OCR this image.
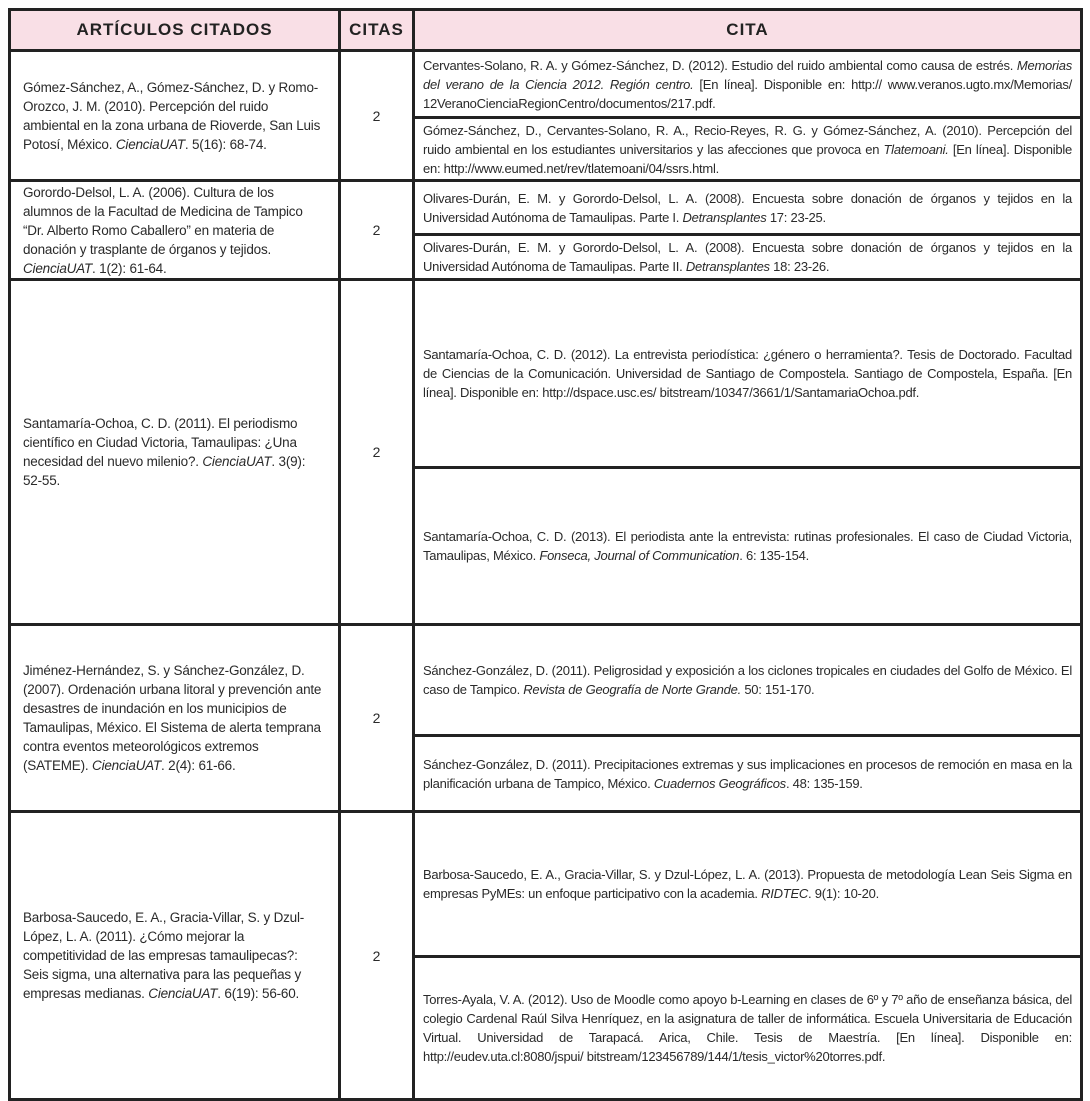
ARTÍCULOS CITADOS	CITAS	CITA

Gómez-Sánchez, A., Gómez-Sánchez, D. y Romo-Orozco, J. M. (2010). Percepción del ruido ambiental en la zona urbana de Rioverde, San Luis Potosí, México. CienciaUAT. 5(16): 68-74.

2

Cervantes-Solano, R. A. y Gómez-Sánchez, D. (2012). Estudio del ruido ambiental como causa de estrés. Memorias del verano de la Ciencia 2012. Región centro. [En línea]. Disponible en: http:// www.veranos.ugto.mx/Memorias/ 12VeranoCienciaRegionCentro/documentos/217.pdf.

Gómez-Sánchez, D., Cervantes-Solano, R. A., Recio-Reyes, R. G. y Gómez-Sánchez, A. (2010). Percepción del ruido ambiental en los estudiantes universitarios y las afecciones que provoca en Tlatemoani. [En línea]. Disponible en: http://www.eumed.net/rev/tlatemoani/04/ssrs.html.

Gorordo-Delsol, L. A. (2006). Cultura de los alumnos de la Facultad de Medicina de Tampico “Dr. Alberto Romo Caballero” en materia de donación y trasplante de órganos y tejidos. CienciaUAT. 1(2): 61-64.

2

Olivares-Durán, E. M. y Gorordo-Delsol, L. A. (2008). Encuesta sobre donación de órganos y tejidos en la Universidad Autónoma de Tamaulipas. Parte I. Detransplantes 17: 23-25.

Olivares-Durán, E. M. y Gorordo-Delsol, L. A. (2008). Encuesta sobre donación de órganos y tejidos en la Universidad Autónoma de Tamaulipas. Parte II. Detransplantes 18: 23-26.

Santamaría-Ochoa, C. D. (2011). El periodismo científico en Ciudad Victoria, Tamaulipas: ¿Una necesidad del nuevo milenio?. CienciaUAT. 3(9): 52-55.

2

Santamaría-Ochoa, C. D. (2012). La entrevista periodística: ¿género o herramienta?. Tesis de Doctorado. Facultad de Ciencias de la Comunicación. Universidad de Santiago de Compostela. Santiago de Compostela, España. [En línea]. Disponible en: http://dspace.usc.es/ bitstream/10347/3661/1/SantamariaOchoa.pdf.

Santamaría-Ochoa, C. D. (2013). El periodista ante la entrevista: rutinas profesionales. El caso de Ciudad Victoria, Tamaulipas, México. Fonseca, Journal of Communication. 6: 135-154.

Jiménez-Hernández, S. y Sánchez-González, D. (2007). Ordenación urbana litoral y prevención ante desastres de inundación en los municipios de Tamaulipas, México. El Sistema de alerta temprana contra eventos meteorológicos extremos (SATEME). CienciaUAT. 2(4): 61-66.

2

Sánchez-González, D. (2011). Peligrosidad y exposición a los ciclones tropicales en ciudades del Golfo de México. El caso de Tampico. Revista de Geografía de Norte Grande. 50: 151-170.

Sánchez-González, D. (2011). Precipitaciones extremas y sus implicaciones en procesos de remoción en masa en la planificación urbana de Tampico, México. Cuadernos Geográficos. 48: 135-159.

Barbosa-Saucedo, E. A., Gracia-Villar, S. y Dzul-López, L. A. (2011). ¿Cómo mejorar la competitividad de las empresas tamaulipecas?: Seis sigma, una alternativa para las pequeñas y empresas medianas. CienciaUAT. 6(19): 56-60.

2

Barbosa-Saucedo, E. A., Gracia-Villar, S. y Dzul-López, L. A. (2013). Propuesta de metodología Lean Seis Sigma en empresas PyMEs: un enfoque participativo con la academia. RIDTEC. 9(1): 10-20.

Torres-Ayala, V. A. (2012). Uso de Moodle como apoyo b-Learning en clases de 6º y 7º año de enseñanza básica, del colegio Cardenal Raúl Silva Henríquez, en la asignatura de taller de informática. Escuela Universitaria de Educación Virtual. Universidad de Tarapacá. Arica, Chile. Tesis de Maestría. [En línea]. Disponible en: http://eudev.uta.cl:8080/jspui/ bitstream/123456789/144/1/tesis_victor%20torres.pdf.
